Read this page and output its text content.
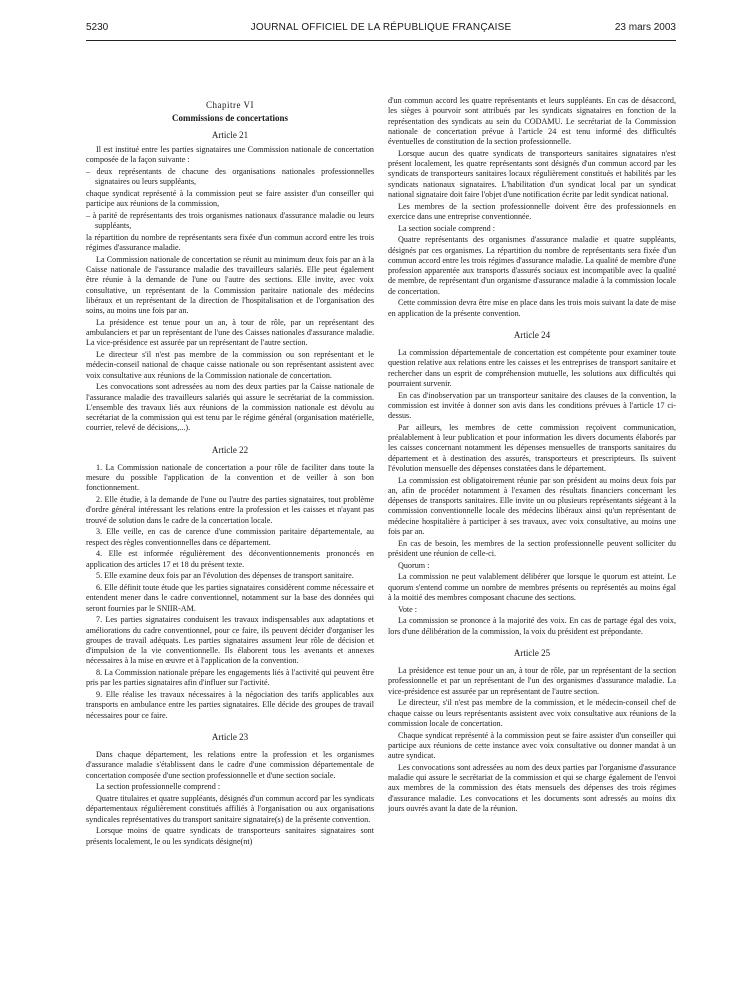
5230	JOURNAL OFFICIEL DE LA RÉPUBLIQUE FRANÇAISE	23 mars 2003
Chapitre VI
Commissions de concertations
Article 21

Il est institué entre les parties signataires une Commission nationale de concertation composée de la façon suivante :

– deux représentants de chacune des organisations nationales professionnelles signataires ou leurs suppléants,

chaque syndicat représenté à la commission peut se faire assister d'un conseiller qui participe aux réunions de la commission,

– à parité de représentants des trois organismes nationaux d'assurance maladie ou leurs suppléants,

la répartition du nombre de représentants sera fixée d'un commun accord entre les trois régimes d'assurance maladie.

La Commission nationale de concertation se réunit au minimum deux fois par an à la Caisse nationale de l'assurance maladie des travailleurs salariés. Elle peut également être réunie à la demande de l'une ou l'autre des sections. Elle invite, avec voix consultative, un représentant de la Commission paritaire nationale des médecins libéraux et un représentant de la direction de l'hospitalisation et de l'organisation des soins, au moins une fois par an.

La présidence est tenue pour un an, à tour de rôle, par un représentant des ambulanciers et par un représentant de l'une des Caisses nationales d'assurance maladie. La vice-présidence est assurée par un représentant de l'autre section.

Le directeur s'il n'est pas membre de la commission ou son représentant et le médecin-conseil national de chaque caisse nationale ou son représentant assistent avec voix consultative aux réunions de la Commission nationale de concertation.

Les convocations sont adressées au nom des deux parties par la Caisse nationale de l'assurance maladie des travailleurs salariés qui assure le secrétariat de la commission. L'ensemble des travaux liés aux réunions de la commission nationale est dévolu au secrétariat de la commission qui est tenu par le régime général (organisation matérielle, courrier, relevé de décisions,...).

Article 22

1. La Commission nationale de concertation a pour rôle de faciliter dans toute la mesure du possible l'application de la convention et de veiller à son bon fonctionnement.

2. Elle étudie, à la demande de l'une ou l'autre des parties signataires, tout problème d'ordre général intéressant les relations entre la profession et les caisses et n'ayant pas trouvé de solution dans le cadre de la concertation locale.

3. Elle veille, en cas de carence d'une commission paritaire départementale, au respect des règles conventionnelles dans ce département.

4. Elle est informée régulièrement des déconventionnements prononcés en application des articles 17 et 18 du présent texte.

5. Elle examine deux fois par an l'évolution des dépenses de transport sanitaire.

6. Elle définit toute étude que les parties signataires considèrent comme nécessaire et entendent mener dans le cadre conventionnel, notamment sur la base des données qui seront fournies par le SNIIR-AM.

7. Les parties signataires conduisent les travaux indispensables aux adaptations et améliorations du cadre conventionnel, pour ce faire, ils peuvent décider d'organiser les groupes de travail adéquats. Les parties signataires assument leur rôle de décision et d'impulsion de la vie conventionnelle. Ils élaborent tous les avenants et annexes nécessaires à la mise en œuvre et à l'application de la convention.

8. La Commission nationale prépare les engagements liés à l'activité qui peuvent être pris par les parties signataires afin d'influer sur l'activité.

9. Elle réalise les travaux nécessaires à la négociation des tarifs applicables aux transports en ambulance entre les parties signataires. Elle décide des groupes de travail nécessaires pour ce faire.

Article 23

Dans chaque département, les relations entre la profession et les organismes d'assurance maladie s'établissent dans le cadre d'une commission départementale de concertation composée d'une section professionnelle et d'une section sociale.

La section professionnelle comprend :

Quatre titulaires et quatre suppléants, désignés d'un commun accord par les syndicats départementaux régulièrement constitués affiliés à l'organisation ou aux organisations syndicales représentatives du transport sanitaire signataire(s) de la présente convention.

Lorsque moins de quatre syndicats de transporteurs sanitaires signataires sont présents localement, le ou les syndicats désigne(nt)

d'un commun accord les quatre représentants et leurs suppléants. En cas de désaccord, les sièges à pourvoir sont attribués par les syndicats signataires en fonction de la représentation des syndicats au sein du CODAMU. Le secrétariat de la Commission nationale de concertation prévue à l'article 24 est tenu informé des difficultés éventuelles de constitution de la section professionnelle.

Lorsque aucun des quatre syndicats de transporteurs sanitaires signataires n'est présent localement, les quatre représentants sont désignés d'un commun accord par les syndicats de transporteurs sanitaires locaux régulièrement constitués et habilités par les syndicats nationaux signataires. L'habilitation d'un syndicat local par un syndicat national signataire doit faire l'objet d'une notification écrite par ledit syndicat national.

Les membres de la section professionnelle doivent être des professionnels en exercice dans une entreprise conventionnée.

La section sociale comprend :

Quatre représentants des organismes d'assurance maladie et quatre suppléants, désignés par ces organismes. La répartition du nombre de représentants sera fixée d'un commun accord entre les trois régimes d'assurance maladie. La qualité de membre d'une profession apparentée aux transports d'assurés sociaux est incompatible avec la qualité de membre, de représentant d'un organisme d'assurance maladie à la commission locale de concertation.

Cette commission devra être mise en place dans les trois mois suivant la date de mise en application de la présente convention.

Article 24

La commission départementale de concertation est compétente pour examiner toute question relative aux relations entre les caisses et les entreprises de transport sanitaire et rechercher dans un esprit de compréhension mutuelle, les solutions aux difficultés qui pourraient survenir.

En cas d'inobservation par un transporteur sanitaire des clauses de la convention, la commission est invitée à donner son avis dans les conditions prévues à l'article 17 ci-dessus.

Par ailleurs, les membres de cette commission reçoivent communication, préalablement à leur publication et pour information les divers documents élaborés par les caisses concernant notamment les dépenses mensuelles de transports sanitaires du département et à destination des assurés, transporteurs et prescripteurs. Ils suivent l'évolution mensuelle des dépenses constatées dans le département.

La commission est obligatoirement réunie par son président au moins deux fois par an, afin de procéder notamment à l'examen des résultats financiers concernant les dépenses de transports sanitaires. Elle invite un ou plusieurs représentants siégeant à la commission conventionnelle locale des médecins libéraux ainsi qu'un représentant de médecine hospitalière à participer à ses travaux, avec voix consultative, au moins une fois par an.

En cas de besoin, les membres de la section professionnelle peuvent solliciter du président une réunion de celle-ci.

Quorum :

La commission ne peut valablement délibérer que lorsque le quorum est atteint. Le quorum s'entend comme un nombre de membres présents ou représentés au moins égal à la moitié des membres composant chacune des sections.

Vote :

La commission se prononce à la majorité des voix. En cas de partage égal des voix, lors d'une délibération de la commission, la voix du président est prépondante.

Article 25

La présidence est tenue pour un an, à tour de rôle, par un représentant de la section professionnelle et par un représentant de l'un des organismes d'assurance maladie. La vice-présidence est assurée par un représentant de l'autre section.

Le directeur, s'il n'est pas membre de la commission, et le médecin-conseil chef de chaque caisse ou leurs représentants assistent avec voix consultative aux réunions de la commission locale de concertation.

Chaque syndicat représenté à la commission peut se faire assister d'un conseiller qui participe aux réunions de cette instance avec voix consultative ou donner mandat à un autre syndicat.

Les convocations sont adressées au nom des deux parties par l'organisme d'assurance maladie qui assure le secrétariat de la commission et qui se charge également de l'envoi aux membres de la commission des états mensuels des dépenses des trois régimes d'assurance maladie. Les convocations et les documents sont adressés au moins dix jours ouvrés avant la date de la réunion.
